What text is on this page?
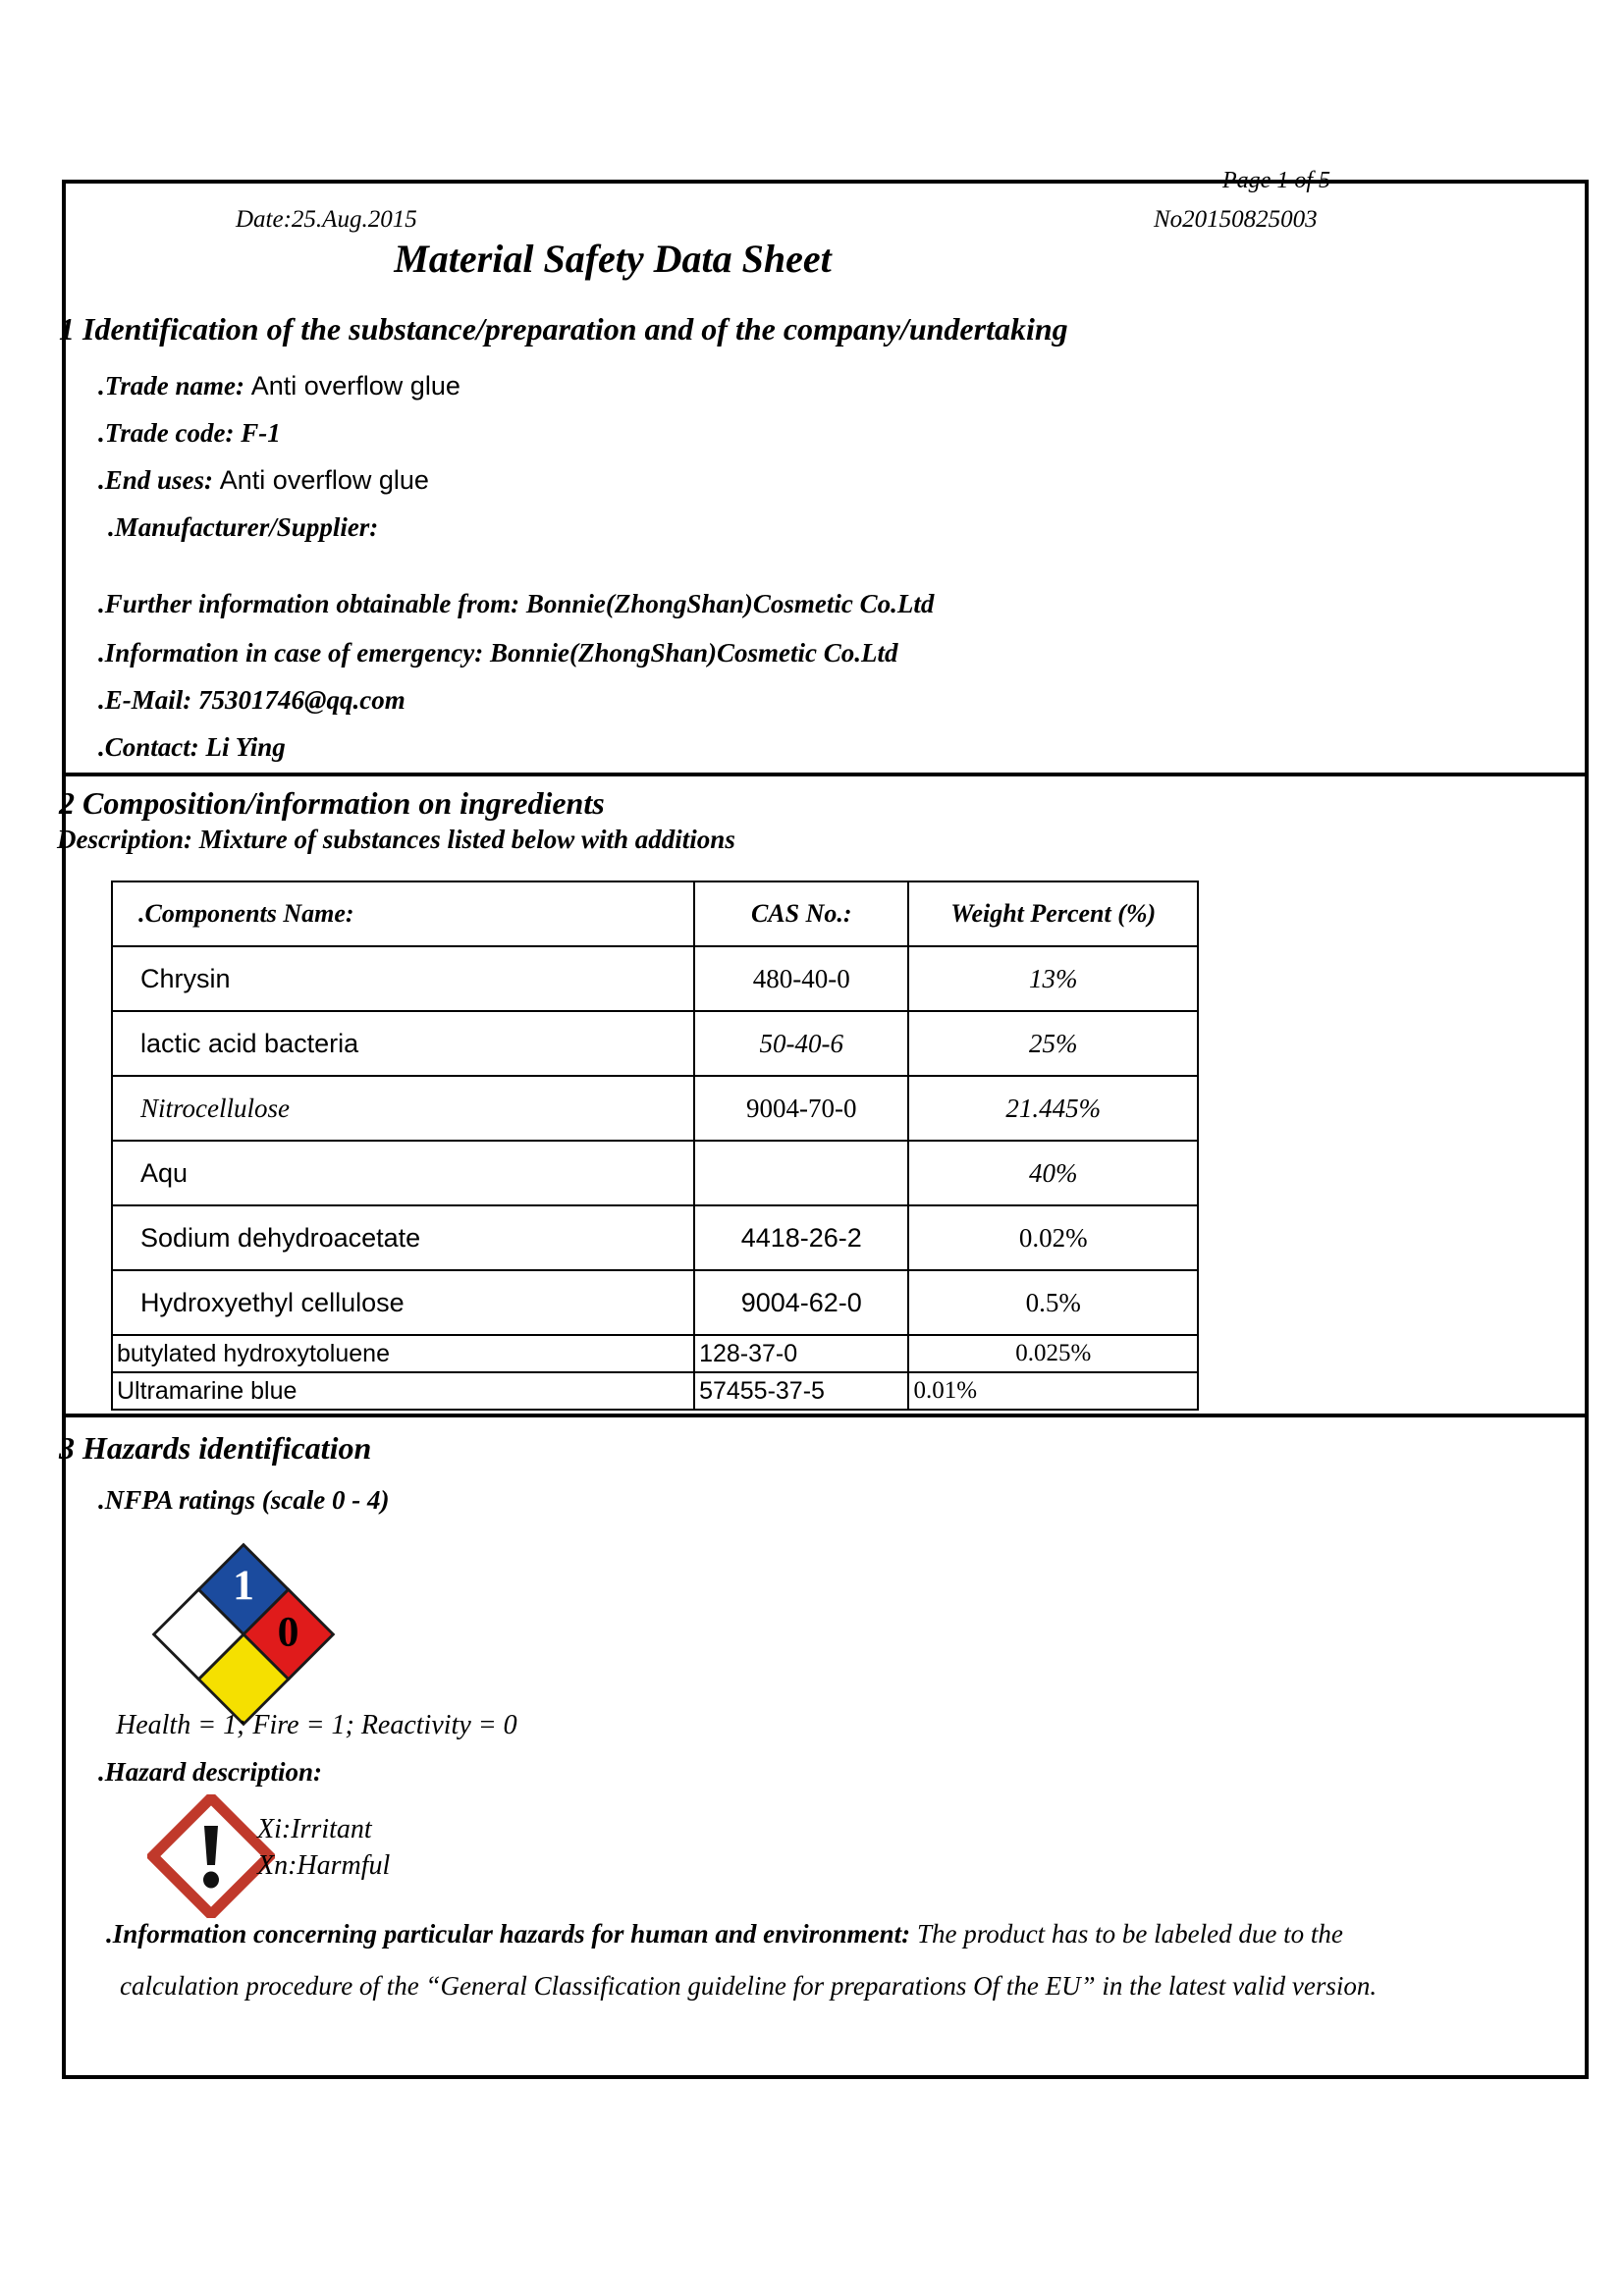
Page 1 of 5
Date:25.Aug.2015	No20150825003
Material Safety Data Sheet
1 Identification of the substance/preparation and of the company/undertaking
.Trade name: Anti overflow glue
.Trade code: F-1
.End uses: Anti overflow glue
.Manufacturer/Supplier:
.Further information obtainable from: Bonnie(ZhongShan)Cosmetic Co.Ltd
.Information in case of emergency: Bonnie(ZhongShan)Cosmetic Co.Ltd
.E-Mail: 75301746@qq.com
.Contact: Li Ying
2 Composition/information on ingredients
Description: Mixture of substances listed below with additions
.Components Name:	CAS No.:	Weight Percent (%)
Chrysin	480-40-0	13%
lactic acid bacteria	50-40-6	25%
Nitrocellulose	9004-70-0	21.445%
Aqu		40%
Sodium dehydroacetate	4418-26-2	0.02%
Hydroxyethyl cellulose	9004-62-0	0.5%
butylated hydroxytoluene	128-37-0	0.025%
Ultramarine blue	57455-37-5	0.01%
3 Hazards identification
.NFPA ratings (scale 0 - 4)
1
1
0
Health = 1; Fire = 1; Reactivity = 0
.Hazard description:
Xi:Irritant
Xn:Harmful
.Information concerning particular hazards for human and environment: The product has to be labeled due to the
calculation procedure of the “General Classification guideline for preparations Of the EU” in the latest valid version.
